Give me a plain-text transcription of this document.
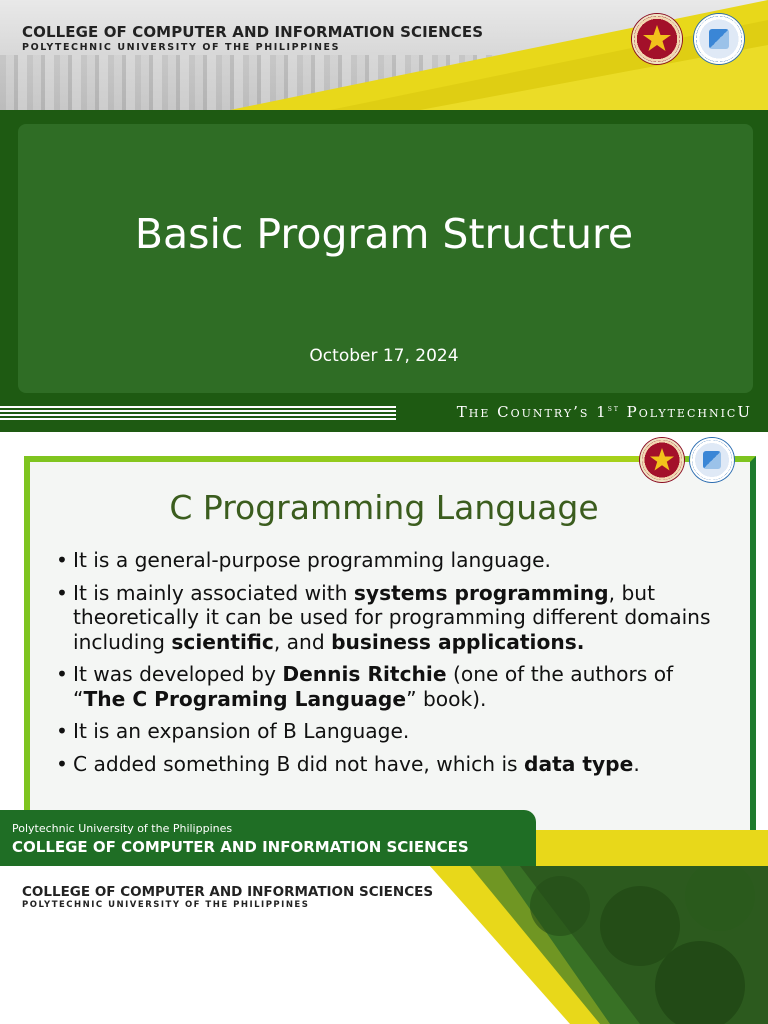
COLLEGE OF COMPUTER AND INFORMATION SCIENCES
POLYTECHNIC UNIVERSITY OF THE PHILIPPINES
Basic Program Structure
October 17, 2024
The Country’s 1st PolytechnicU
C Programming Language
• It is a general-purpose programming language.
• It is mainly associated with systems programming, but theoretically it can be used for programming different domains including scientific, and business applications.
• It was developed by Dennis Ritchie (one of the authors of “The C Programing Language” book).
• It is an expansion of B Language.
• C added something B did not have, which is data type.
Polytechnic University of the Philippines
COLLEGE OF COMPUTER AND INFORMATION SCIENCES
COLLEGE OF COMPUTER AND INFORMATION SCIENCES
POLYTECHNIC UNIVERSITY OF THE PHILIPPINES
